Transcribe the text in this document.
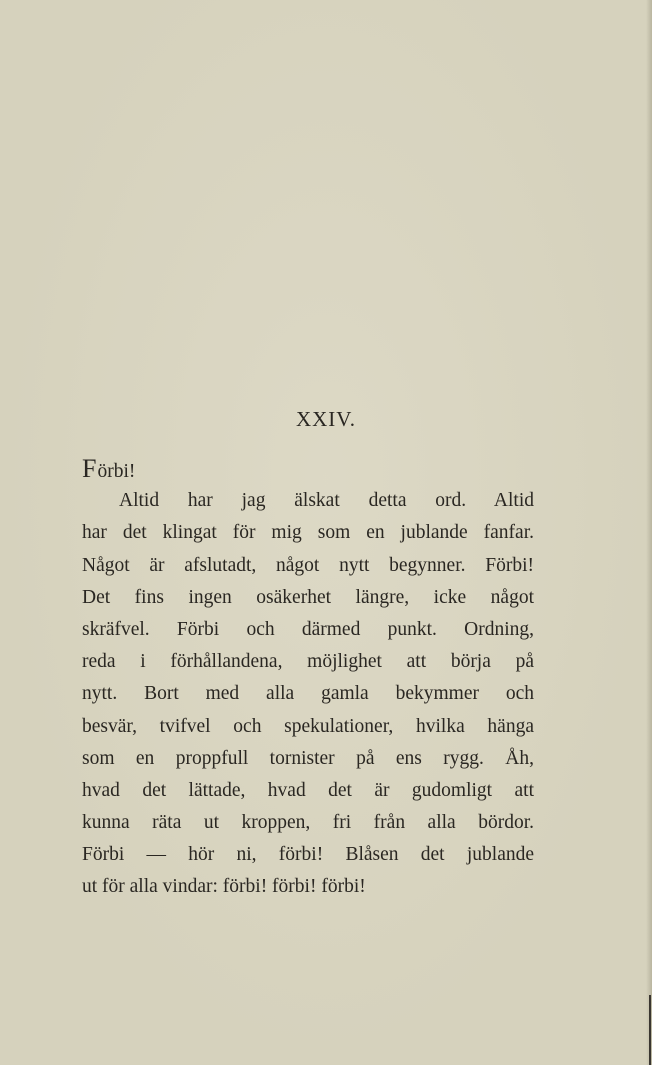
XXIV.
Förbi!
Altid har jag älskat detta ord. Altid
har det klingat för mig som en jublande fanfar.
Något är afslutadt, något nytt begynner. Förbi!
Det fins ingen osäkerhet längre, icke något
skräfvel. Förbi och därmed punkt. Ordning,
reda i förhållandena, möjlighet att börja på
nytt. Bort med alla gamla bekymmer och
besvär, tvifvel och spekulationer, hvilka hänga
som en proppfull tornister på ens rygg. Åh,
hvad det lättade, hvad det är gudomligt att
kunna räta ut kroppen, fri från alla bördor.
Förbi — hör ni, förbi! Blåsen det jublande
ut för alla vindar: förbi! förbi! förbi!
